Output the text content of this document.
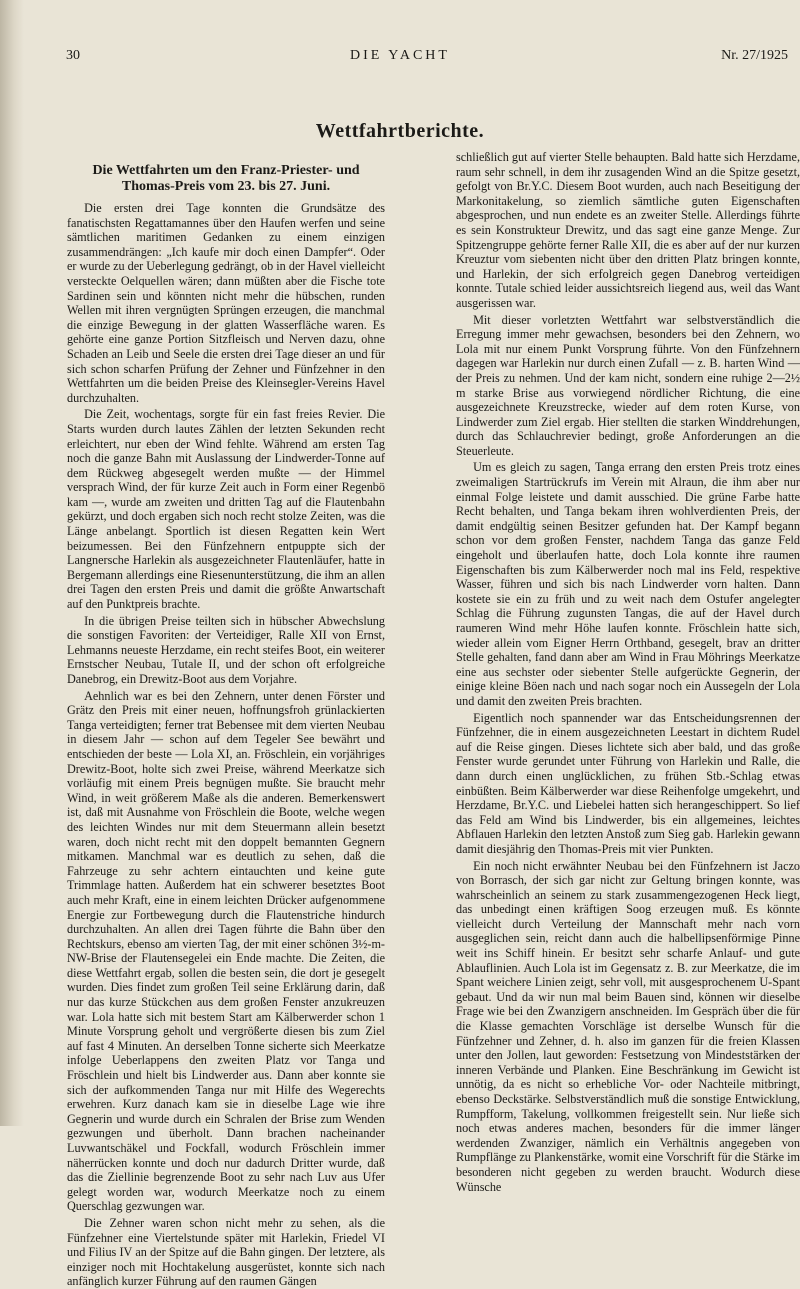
30	DIE YACHT	Nr. 27/1925
Wettfahrtberichte.
Die Wettfahrten um den Franz-Priester- und Thomas-Preis vom 23. bis 27. Juni.

Die ersten drei Tage konnten die Grundsätze des fanatischsten Regattamannes über den Haufen werfen und seine sämtlichen maritimen Gedanken zu einem einzigen zusammendrängen: „Ich kaufe mir doch einen Dampfer“. Oder er wurde zu der Ueberlegung gedrängt, ob in der Havel vielleicht versteckte Oelquellen wären; dann müßten aber die Fische tote Sardinen sein und könnten nicht mehr die hübschen, runden Wellen mit ihren vergnügten Sprüngen erzeugen, die manchmal die einzige Bewegung in der glatten Wasserfläche waren. Es gehörte eine ganze Portion Sitzfleisch und Nerven dazu, ohne Schaden an Leib und Seele die ersten drei Tage dieser an und für sich schon scharfen Prüfung der Zehner und Fünfzehner in den Wettfahrten um die beiden Preise des Kleinsegler-Vereins Havel durchzuhalten.

Die Zeit, wochentags, sorgte für ein fast freies Revier. Die Starts wurden durch lautes Zählen der letzten Sekunden recht erleichtert, nur eben der Wind fehlte. Während am ersten Tag noch die ganze Bahn mit Auslassung der Lindwerder-Tonne auf dem Rückweg abgesegelt werden mußte — der Himmel versprach Wind, der für kurze Zeit auch in Form einer Regenbö kam —, wurde am zweiten und dritten Tag auf die Flautenbahn gekürzt, und doch ergaben sich noch recht stolze Zeiten, was die Länge anbelangt. Sportlich ist diesen Regatten kein Wert beizumessen. Bei den Fünfzehnern entpuppte sich der Langnersche Harlekin als ausgezeichneter Flautenläufer, hatte in Bergemann allerdings eine Riesenunterstützung, die ihm an allen drei Tagen den ersten Preis und damit die größte Anwartschaft auf den Punktpreis brachte.

In die übrigen Preise teilten sich in hübscher Abwechslung die sonstigen Favoriten: der Verteidiger, Ralle XII von Ernst, Lehmanns neueste Herzdame, ein recht steifes Boot, ein weiterer Ernstscher Neubau, Tutale II, und der schon oft erfolgreiche Danebrog, ein Drewitz-Boot aus dem Vorjahre.

Aehnlich war es bei den Zehnern, unter denen Förster und Grätz den Preis mit einer neuen, hoffnungsfroh grünlackierten Tanga verteidigten; ferner trat Bebensee mit dem vierten Neubau in diesem Jahr — schon auf dem Tegeler See bewährt und entschieden der beste — Lola XI, an. Fröschlein, ein vorjähriges Drewitz-Boot, holte sich zwei Preise, während Meerkatze sich vorläufig mit einem Preis begnügen mußte. Sie braucht mehr Wind, in weit größerem Maße als die anderen. Bemerkenswert ist, daß mit Ausnahme von Fröschlein die Boote, welche wegen des leichten Windes nur mit dem Steuermann allein besetzt waren, doch nicht recht mit den doppelt bemannten Gegnern mitkamen. Manchmal war es deutlich zu sehen, daß die Fahrzeuge zu sehr achtern eintauchten und keine gute Trimmlage hatten. Außerdem hat ein schwerer besetztes Boot auch mehr Kraft, eine in einem leichten Drücker aufgenommene Energie zur Fortbewegung durch die Flautenstriche hindurch durchzuhalten. An allen drei Tagen führte die Bahn über den Rechtskurs, ebenso am vierten Tag, der mit einer schönen 3½-m-NW-Brise der Flautensegelei ein Ende machte. Die Zeiten, die diese Wettfahrt ergab, sollen die besten sein, die dort je gesegelt wurden. Dies findet zum großen Teil seine Erklärung darin, daß nur das kurze Stückchen aus dem großen Fenster anzukreuzen war. Lola hatte sich mit bestem Start am Kälberwerder schon 1 Minute Vorsprung geholt und vergrößerte diesen bis zum Ziel auf fast 4 Minuten. An derselben Tonne sicherte sich Meerkatze infolge Ueberlappens den zweiten Platz vor Tanga und Fröschlein und hielt bis Lindwerder aus. Dann aber konnte sie sich der aufkommenden Tanga nur mit Hilfe des Wegerechts erwehren. Kurz danach kam sie in dieselbe Lage wie ihre Gegnerin und wurde durch ein Schralen der Brise zum Wenden gezwungen und überholt. Dann brachen nacheinander Luvwantschäkel und Fockfall, wodurch Fröschlein immer näherrücken konnte und doch nur dadurch Dritter wurde, daß das die Ziellinie begrenzende Boot zu sehr nach Luv aus Ufer gelegt worden war, wodurch Meerkatze noch zu einem Querschlag gezwungen war.

Die Zehner waren schon nicht mehr zu sehen, als die Fünfzehner eine Viertelstunde später mit Harlekin, Friedel VI und Filius IV an der Spitze auf die Bahn gingen. Der letztere, als einziger noch mit Hochtakelung ausgerüstet, konnte sich nach anfänglich kurzer Führung auf den raumen Gängen

schließlich gut auf vierter Stelle behaupten. Bald hatte sich Herzdame, raum sehr schnell, in dem ihr zusagenden Wind an die Spitze gesetzt, gefolgt von Br.Y.C. Diesem Boot wurden, auch nach Beseitigung der Markonitakelung, so ziemlich sämtliche guten Eigenschaften abgesprochen, und nun endete es an zweiter Stelle. Allerdings führte es sein Konstrukteur Drewitz, und das sagt eine ganze Menge. Zur Spitzengruppe gehörte ferner Ralle XII, die es aber auf der nur kurzen Kreuztur vom siebenten nicht über den dritten Platz bringen konnte, und Harlekin, der sich erfolgreich gegen Danebrog verteidigen konnte. Tutale schied leider aussichtsreich liegend aus, weil das Want ausgerissen war.

Mit dieser vorletzten Wettfahrt war selbstverständlich die Erregung immer mehr gewachsen, besonders bei den Zehnern, wo Lola mit nur einem Punkt Vorsprung führte. Von den Fünfzehnern dagegen war Harlekin nur durch einen Zufall — z. B. harten Wind — der Preis zu nehmen. Und der kam nicht, sondern eine ruhige 2—2½ m starke Brise aus vorwiegend nördlicher Richtung, die eine ausgezeichnete Kreuzstrecke, wieder auf dem roten Kurse, von Lindwerder zum Ziel ergab. Hier stellten die starken Winddrehungen, durch das Schlauchrevier bedingt, große Anforderungen an die Steuerleute.

Um es gleich zu sagen, Tanga errang den ersten Preis trotz eines zweimaligen Startrückrufs im Verein mit Alraun, die ihm aber nur einmal Folge leistete und damit ausschied. Die grüne Farbe hatte Recht behalten, und Tanga bekam ihren wohlverdienten Preis, der damit endgültig seinen Besitzer gefunden hat. Der Kampf begann schon vor dem großen Fenster, nachdem Tanga das ganze Feld eingeholt und überlaufen hatte, doch Lola konnte ihre raumen Eigenschaften bis zum Kälberwerder noch mal ins Feld, respektive Wasser, führen und sich bis nach Lindwerder vorn halten. Dann kostete sie ein zu früh und zu weit nach dem Ostufer angelegter Schlag die Führung zugunsten Tangas, die auf der Havel durch raumeren Wind mehr Höhe laufen konnte. Fröschlein hatte sich, wieder allein vom Eigner Herrn Orthband, gesegelt, brav an dritter Stelle gehalten, fand dann aber am Wind in Frau Möhrings Meerkatze eine aus sechster oder siebenter Stelle aufgerückte Gegnerin, der einige kleine Böen nach und nach sogar noch ein Aussegeln der Lola und damit den zweiten Preis brachten.

Eigentlich noch spannender war das Entscheidungsrennen der Fünfzehner, die in einem ausgezeichneten Leestart in dichtem Rudel auf die Reise gingen. Dieses lichtete sich aber bald, und das große Fenster wurde gerundet unter Führung von Harlekin und Ralle, die dann durch einen unglücklichen, zu frühen Stb.-Schlag etwas einbüßten. Beim Kälberwerder war diese Reihenfolge umgekehrt, und Herzdame, Br.Y.C. und Liebelei hatten sich herangeschippert. So lief das Feld am Wind bis Lindwerder, bis ein allgemeines, leichtes Abflauen Harlekin den letzten Anstoß zum Sieg gab. Harlekin gewann damit diesjährig den Thomas-Preis mit vier Punkten.

Ein noch nicht erwähnter Neubau bei den Fünfzehnern ist Jaczo von Borrasch, der sich gar nicht zur Geltung bringen konnte, was wahrscheinlich an seinem zu stark zusammengezogenen Heck liegt, das unbedingt einen kräftigen Soog erzeugen muß. Es könnte vielleicht durch Verteilung der Mannschaft mehr nach vorn ausgeglichen sein, reicht dann auch die halbellipsenförmige Pinne weit ins Schiff hinein. Er besitzt sehr scharfe Anlauf- und gute Ablauflinien. Auch Lola ist im Gegensatz z. B. zur Meerkatze, die im Spant weichere Linien zeigt, sehr voll, mit ausgesprochenem U-Spant gebaut. Und da wir nun mal beim Bauen sind, können wir dieselbe Frage wie bei den Zwanzigern anschneiden. Im Gespräch über die für die Klasse gemachten Vorschläge ist derselbe Wunsch für die Fünfzehner und Zehner, d. h. also im ganzen für die freien Klassen unter den Jollen, laut geworden: Festsetzung von Mindeststärken der inneren Verbände und Planken. Eine Beschränkung im Gewicht ist unnötig, da es nicht so erhebliche Vor- oder Nachteile mitbringt, ebenso Deckstärke. Selbstverständlich muß die sonstige Entwicklung, Rumpfform, Takelung, vollkommen freigestellt sein. Nur ließe sich noch etwas anderes machen, besonders für die immer länger werdenden Zwanziger, nämlich ein Verhältnis angegeben von Rumpflänge zu Plankenstärke, womit eine Vorschrift für die Stärke im besonderen nicht gegeben zu werden braucht. Wodurch diese Wünsche
